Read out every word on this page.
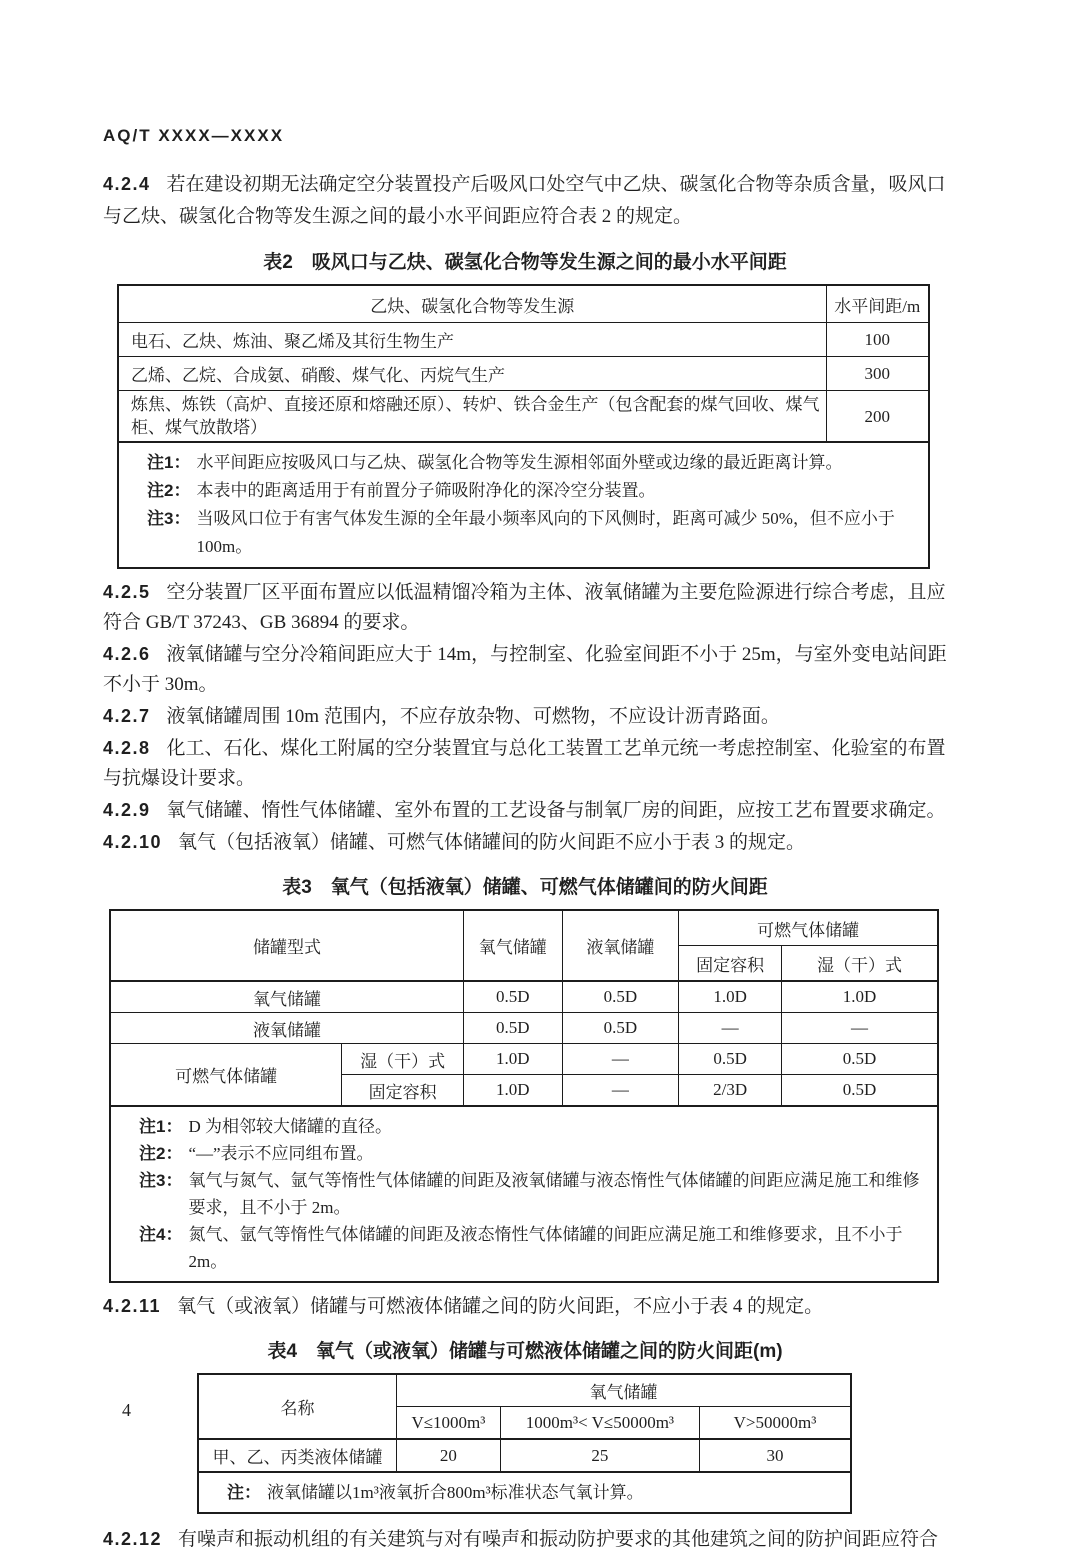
AQ/T XXXX—XXXX

4.2.4 若在建设初期无法确定空分装置投产后吸风口处空气中乙炔、碳氢化合物等杂质含量，吸风口与乙炔、碳氢化合物等发生源之间的最小水平间距应符合表 2 的规定。

表2　吸风口与乙炔、碳氢化合物等发生源之间的最小水平间距
乙炔、碳氢化合物等发生源	水平间距/m
电石、乙炔、炼油、聚乙烯及其衍生物生产	100
乙烯、乙烷、合成氨、硝酸、煤气化、丙烷气生产	300
炼焦、炼铁（高炉、直接还原和熔融还原）、转炉、铁合金生产（包含配套的煤气回收、煤气柜、煤气放散塔）	200

注1： 水平间距应按吸风口与乙炔、碳氢化合物等发生源相邻面外壁或边缘的最近距离计算。
注2： 本表中的距离适用于有前置分子筛吸附净化的深冷空分装置。
注3： 当吸风口位于有害气体发生源的全年最小频率风向的下风侧时，距离可减少 50%，但不应小于 100m。

4.2.5 空分装置厂区平面布置应以低温精馏冷箱为主体、液氧储罐为主要危险源进行综合考虑，且应符合 GB/T 37243、GB 36894 的要求。

4.2.6 液氧储罐与空分冷箱间距应大于 14m，与控制室、化验室间距不小于 25m，与室外变电站间距不小于 30m。

4.2.7 液氧储罐周围 10m 范围内，不应存放杂物、可燃物，不应设计沥青路面。

4.2.8 化工、石化、煤化工附属的空分装置宜与总化工装置工艺单元统一考虑控制室、化验室的布置与抗爆设计要求。

4.2.9 氧气储罐、惰性气体储罐、室外布置的工艺设备与制氧厂房的间距，应按工艺布置要求确定。

4.2.10 氧气（包括液氧）储罐、可燃气体储罐间的防火间距不应小于表 3 的规定。

表3　氧气（包括液氧）储罐、可燃气体储罐间的防火间距
储罐型式		氧气储罐	液氧储罐	可燃气体储罐	
				固定容积	湿（干）式
氧气储罐		0.5D	0.5D	1.0D	1.0D
液氧储罐		0.5D	0.5D	—	—
可燃气体储罐	湿（干）式	1.0D	—	0.5D	0.5D
	固定容积	1.0D	—	2/3D	0.5D

注1： D 为相邻较大储罐的直径。
注2： “—”表示不应同组布置。
注3： 氧气与氮气、氩气等惰性气体储罐的间距及液氧储罐与液态惰性气体储罐的间距应满足施工和维修要求，且不小于 2m。
注4： 氮气、氩气等惰性气体储罐的间距及液态惰性气体储罐的间距应满足施工和维修要求，且不小于 2m。

4.2.11 氧气（或液氧）储罐与可燃液体储罐之间的防火间距，不应小于表 4 的规定。

表4　氧气（或液氧）储罐与可燃液体储罐之间的防火间距(m)
名称	氧气储罐		
	V≤1000m³	1000m³< V≤50000m³	V>50000m³
甲、乙、丙类液体储罐	20	25	30

注： 液氧储罐以1m³液氧折合800m³标准状态气氧计算。			

4.2.12 有噪声和振动机组的有关建筑与对有噪声和振动防护要求的其他建筑之间的防护间距应符合

4
